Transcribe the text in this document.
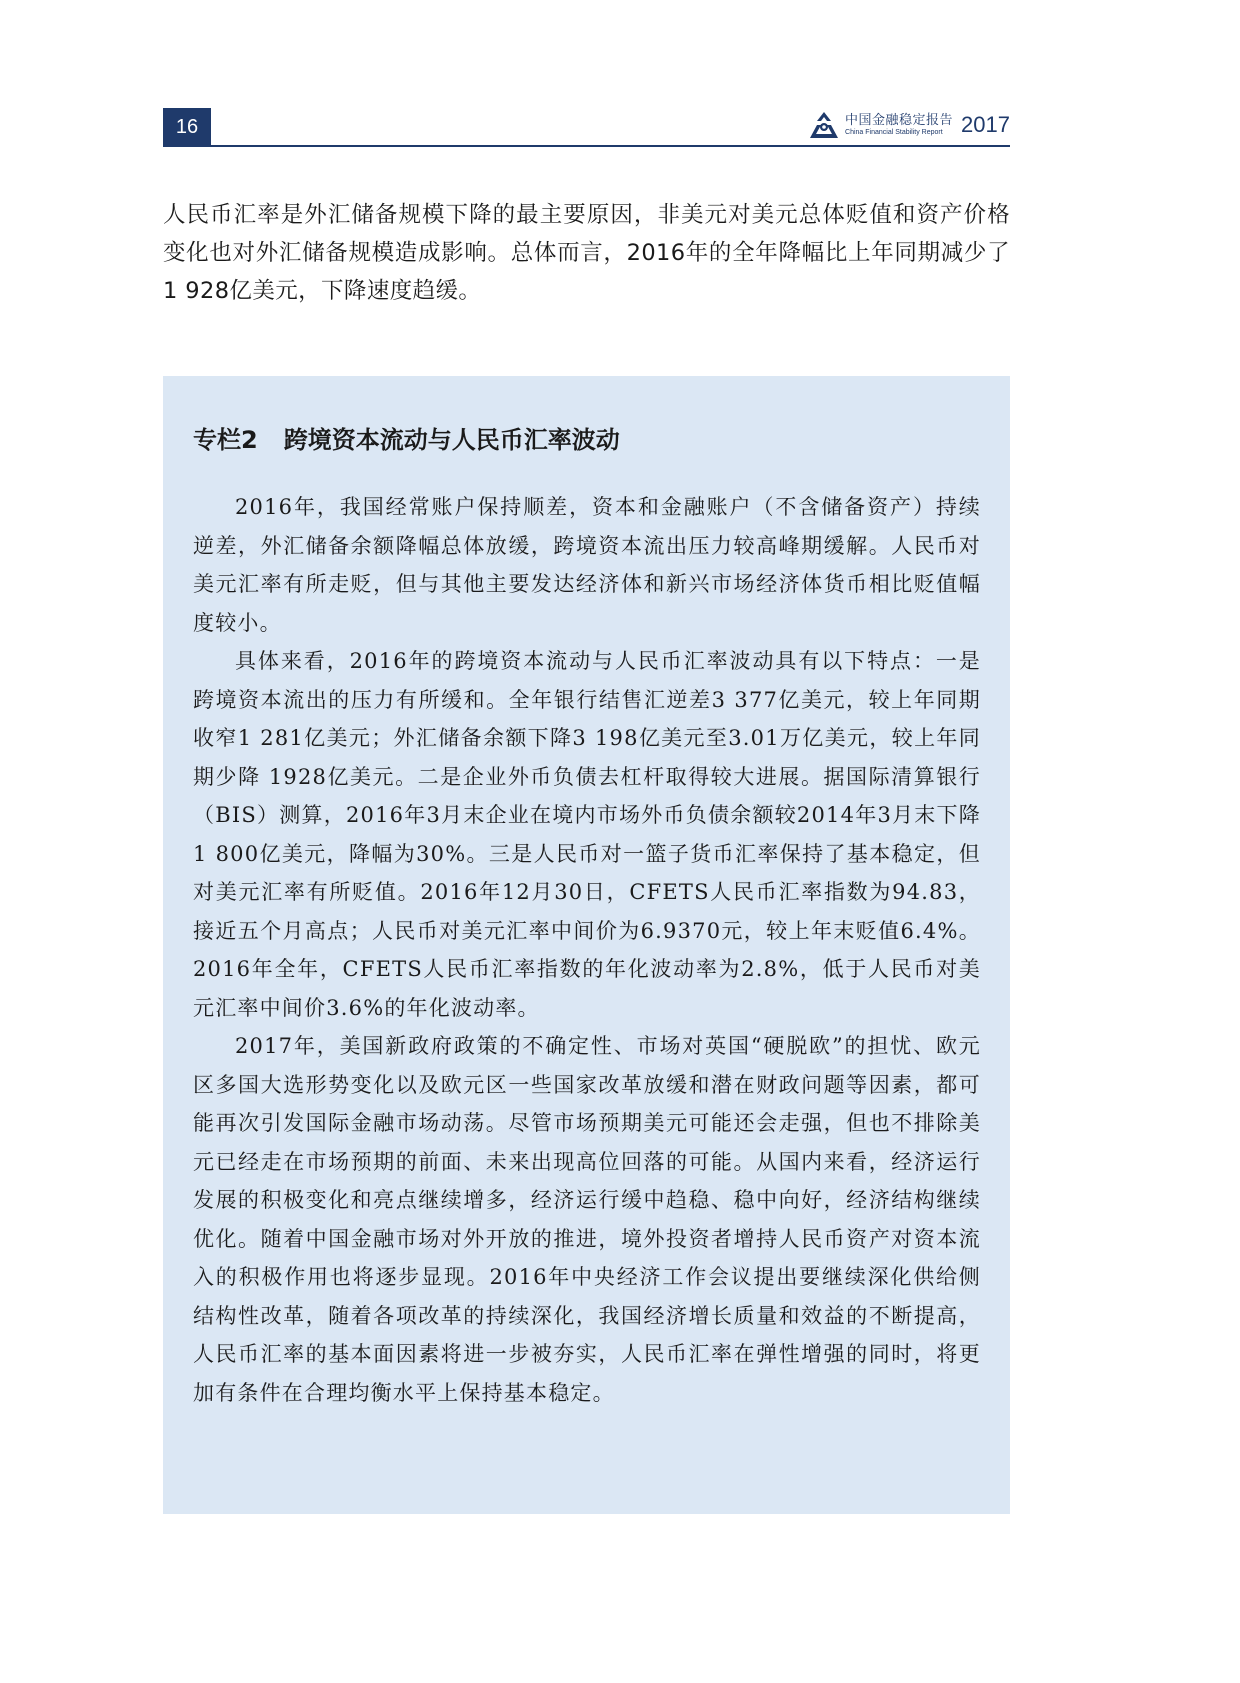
16	中国金融稳定报告
China Financial Stability Report 2017

人民币汇率是外汇储备规模下降的最主要原因，非美元对美元总体贬值和资产价格变化也对外汇储备规模造成影响。总体而言，2016年的全年降幅比上年同期减少了1 928亿美元，下降速度趋缓。

专栏2 跨境资本流动与人民币汇率波动

2016年，我国经常账户保持顺差，资本和金融账户（不含储备资产）持续逆差，外汇储备余额降幅总体放缓，跨境资本流出压力较高峰期缓解。人民币对美元汇率有所走贬，但与其他主要发达经济体和新兴市场经济体货币相比贬值幅度较小。

具体来看，2016年的跨境资本流动与人民币汇率波动具有以下特点：一是跨境资本流出的压力有所缓和。全年银行结售汇逆差3 377亿美元，较上年同期收窄1 281亿美元；外汇储备余额下降3 198亿美元至3.01万亿美元，较上年同期少降 1928亿美元。二是企业外币负债去杠杆取得较大进展。据国际清算银行（BIS）测算，2016年3月末企业在境内市场外币负债余额较2014年3月末下降1 800亿美元，降幅为30%。三是人民币对一篮子货币汇率保持了基本稳定，但对美元汇率有所贬值。2016年12月30日，CFETS人民币汇率指数为94.83，接近五个月高点；人民币对美元汇率中间价为6.9370元，较上年末贬值6.4%。2016年全年，CFETS人民币汇率指数的年化波动率为2.8%，低于人民币对美元汇率中间价3.6%的年化波动率。

2017年，美国新政府政策的不确定性、市场对英国“硬脱欧”的担忧、欧元区多国大选形势变化以及欧元区一些国家改革放缓和潜在财政问题等因素，都可能再次引发国际金融市场动荡。尽管市场预期美元可能还会走强，但也不排除美元已经走在市场预期的前面、未来出现高位回落的可能。从国内来看，经济运行发展的积极变化和亮点继续增多，经济运行缓中趋稳、稳中向好，经济结构继续优化。随着中国金融市场对外开放的推进，境外投资者增持人民币资产对资本流入的积极作用也将逐步显现。2016年中央经济工作会议提出要继续深化供给侧结构性改革，随着各项改革的持续深化，我国经济增长质量和效益的不断提高，人民币汇率的基本面因素将进一步被夯实，人民币汇率在弹性增强的同时，将更加有条件在合理均衡水平上保持基本稳定。
